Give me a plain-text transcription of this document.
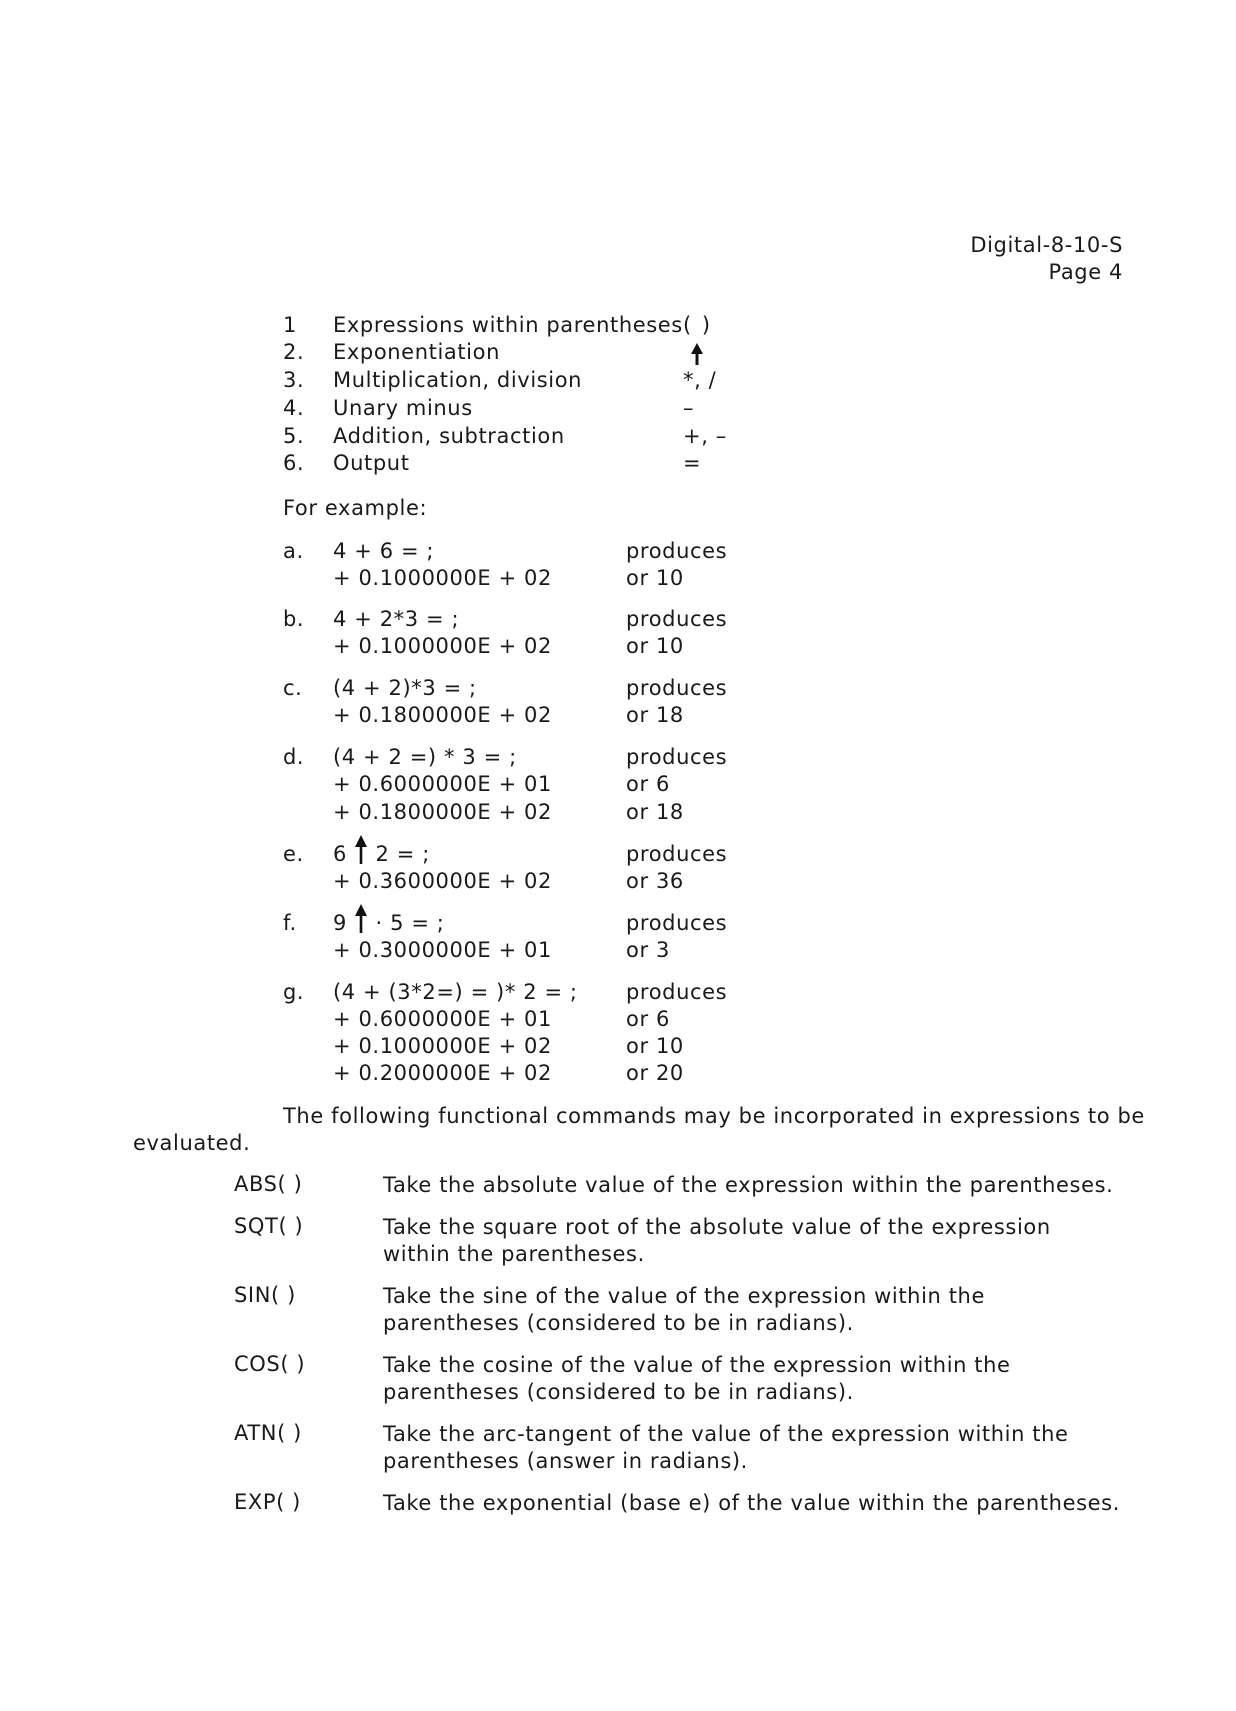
Digital-8-10-S
Page 4
1	Expressions within parentheses ( )
2.	Exponentiation
3.	Multiplication, division	*, /
4.	Unary minus	–
5.	Addition, subtraction	+, –
6.	Output	=
For example:
a. 4 + 6 = ;	produces
+ 0.1000000E + 02	or 10
b. 4 + 2*3 = ;	produces
+ 0.1000000E + 02	or 10
c. (4 + 2)*3 = ;	produces
+ 0.1800000E + 02	or 18
d. (4 + 2 =) * 3 = ;	produces
+ 0.6000000E + 01	or 6
+ 0.1800000E + 02	or 18
e. 6 2 = ;	produces
+ 0.3600000E + 02	or 36
f. 9 · 5 = ;	produces
+ 0.3000000E + 01	or 3
g. (4 + (3*2=) = )* 2 = ; produces
+ 0.6000000E + 01	or 6
+ 0.1000000E + 02	or 10
+ 0.2000000E + 02	or 20
The following functional commands may be incorporated in expressions to be
evaluated.
ABS( )	Take the absolute value of the expression within the parentheses.
SQT( )	Take the square root of the absolute value of the expression within the parentheses.
SIN( )	Take the sine of the value of the expression within the parentheses (considered to be in radians).
COS( )	Take the cosine of the value of the expression within the parentheses (considered to be in radians).
ATN( )	Take the arc-tangent of the value of the expression within the parentheses (answer in radians).
EXP( )	Take the exponential (base e) of the value within the parentheses.
